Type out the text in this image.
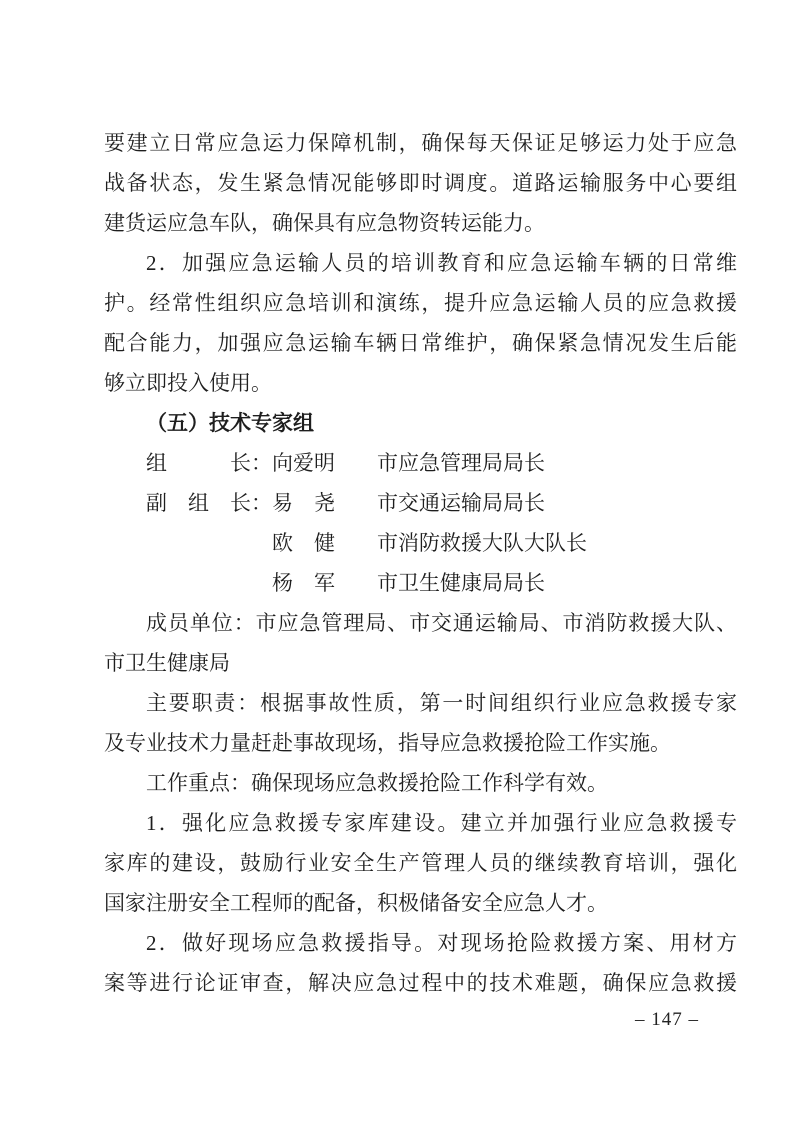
要建立日常应急运力保障机制，确保每天保证足够运力处于应急
战备状态，发生紧急情况能够即时调度。道路运输服务中心要组
建货运应急车队，确保具有应急物资转运能力。
2．加强应急运输人员的培训教育和应急运输车辆的日常维
护。经常性组织应急培训和演练，提升应急运输人员的应急救援
配合能力，加强应急运输车辆日常维护，确保紧急情况发生后能
够立即投入使用。
（五）技术专家组
组　　　长：向爱明　　市应急管理局局长
副　组　长：易　尧　　市交通运输局局长
　　　　　　欧　健　　市消防救援大队大队长
　　　　　　杨　军　　市卫生健康局局长
成员单位：市应急管理局、市交通运输局、市消防救援大队、
市卫生健康局
主要职责：根据事故性质，第一时间组织行业应急救援专家
及专业技术力量赶赴事故现场，指导应急救援抢险工作实施。
工作重点：确保现场应急救援抢险工作科学有效。
1．强化应急救援专家库建设。建立并加强行业应急救援专
家库的建设，鼓励行业安全生产管理人员的继续教育培训，强化
国家注册安全工程师的配备，积极储备安全应急人才。
2．做好现场应急救援指导。对现场抢险救援方案、用材方
案等进行论证审查，解决应急过程中的技术难题，确保应急救援
– 147 –
